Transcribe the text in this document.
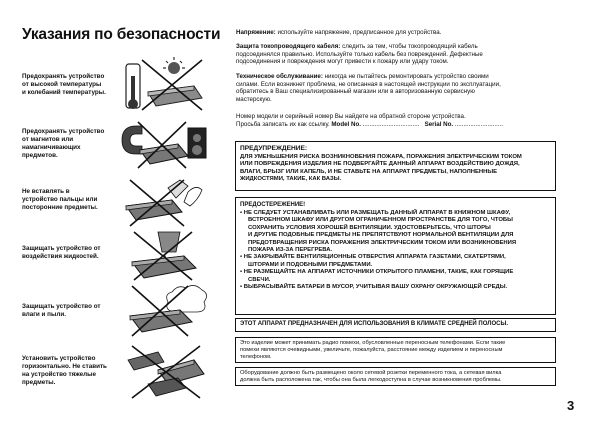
Указания по безопасности
Предохранять устройство
от высокой температуры
и колебаний температуры.
Предохранять устройство
от магнитов или
намагничивающих
предметов.
Не вставлять в
устройство пальцы или
посторонние предметы.
Защищать устройство от
воздействия жидкостей.
Защищать устройство от
влаги и пыли.
Установить устройство
горизонтально. Не ставить
на устройство тяжелые
предметы.
Напряжение: используйте напряжение, предписанное для устройства.
Защита токопроводящего кабеля: следить за тем, чтобы токопроводящий кабель
подсоединялся правильно. Используйте только кабель без повреждений. Дефектные
подсоединения и повреждения могут привести к пожару или удару током.
Техническое обслуживание: никогда не пытайтесь ремонтировать устройство своими
силами. Если возникнет проблема, не описанная в настоящей инструкции по эксплуатации,
обратитесь в Ваш специализированный магазин или в авторизованную сервисную
мастерскую.
Номер модели и серийный номер Вы найдете на обратной стороне устройства.
Просьба записать их как ссылку. Model No. ................................. Serial No. ............................
ПРЕДУПРЕЖДЕНИЕ:
ДЛЯ УМЕНЬШЕНИЯ РИСКА ВОЗНИКНОВЕНИЯ ПОЖАРА, ПОРАЖЕНИЯ ЭЛЕКТРИЧЕСКИМ ТОКОМ
ИЛИ ПОВРЕЖДЕНИЯ ИЗДЕЛИЯ НЕ ПОДВЕРГАЙТЕ ДАННЫЙ АППАРАТ ВОЗДЕЙСТВИЮ ДОЖДЯ,
ВЛАГИ, БРЫЗГ ИЛИ КАПЕЛЬ, И НЕ СТАВЬТЕ НА АППАРАТ ПРЕДМЕТЫ, НАПОЛНЕННЫЕ
ЖИДКОСТЯМИ, ТАКИЕ, КАК ВАЗЫ.
ПРЕДОСТЕРЕЖЕНИЕ!
• НЕ СЛЕДУЕТ УСТАНАВЛИВАТЬ ИЛИ РАЗМЕЩАТЬ ДАННЫЙ АППАРАТ В КНИЖНОМ ШКАФУ,
ВСТРОЕННОМ ШКАФУ ИЛИ ДРУГОМ ОГРАНИЧЕННОМ ПРОСТРАНСТВЕ ДЛЯ ТОГО, ЧТОБЫ
СОХРАНИТЬ УСЛОВИЯ ХОРОШЕЙ ВЕНТИЛЯЦИИ. УДОСТОВЕРЬТЕСЬ, ЧТО ШТОРЫ
И ДРУГИЕ ПОДОБНЫЕ ПРЕДМЕТЫ НЕ ПРЕПЯТСТВУЮТ НОРМАЛЬНОЙ ВЕНТИЛЯЦИИ ДЛЯ
ПРЕДОТВРАЩЕНИЯ РИСКА ПОРАЖЕНИЯ ЭЛЕКТРИЧЕСКИМ ТОКОМ ИЛИ ВОЗНИКНОВЕНИЯ
ПОЖАРА ИЗ-ЗА ПЕРЕГРЕВА.
• НЕ ЗАКРЫВАЙТЕ ВЕНТИЛЯЦИОННЫЕ ОТВЕРСТИЯ АППАРАТА ГАЗЕТАМИ, СКАТЕРТЯМИ,
ШТОРАМИ И ПОДОБНЫМИ ПРЕДМЕТАМИ.
• НЕ РАЗМЕЩАЙТЕ НА АППАРАТ ИСТОЧНИКИ ОТКРЫТОГО ПЛАМЕНИ, ТАКИЕ, КАК ГОРЯЩИЕ
СВЕЧИ.
• ВЫБРАСЫВАЙТЕ БАТАРЕИ В МУСОР, УЧИТЫВАЯ ВАШУ ОХРАНУ ОКРУЖАЮЩЕЙ СРЕДЫ.
ЭТОТ АППАРАТ ПРЕДНАЗНАЧЕН ДЛЯ ИСПОЛЬЗОВАНИЯ В КЛИМАТЕ СРЕДНЕЙ ПОЛОСЫ.
Это изделие может принимать радио помехи, обусловленные переносным телефонами. Если такие
помехи являются очевидными, увеличьте, пожалуйста, расстояние между изделием и переносным
телефоном.
Оборудование должно быть размещено около сетевой розетки переменного тока, а сетевая вилка
должна быть расположена так, чтобы она была легкодоступна в случае возникновения проблемы.
3
